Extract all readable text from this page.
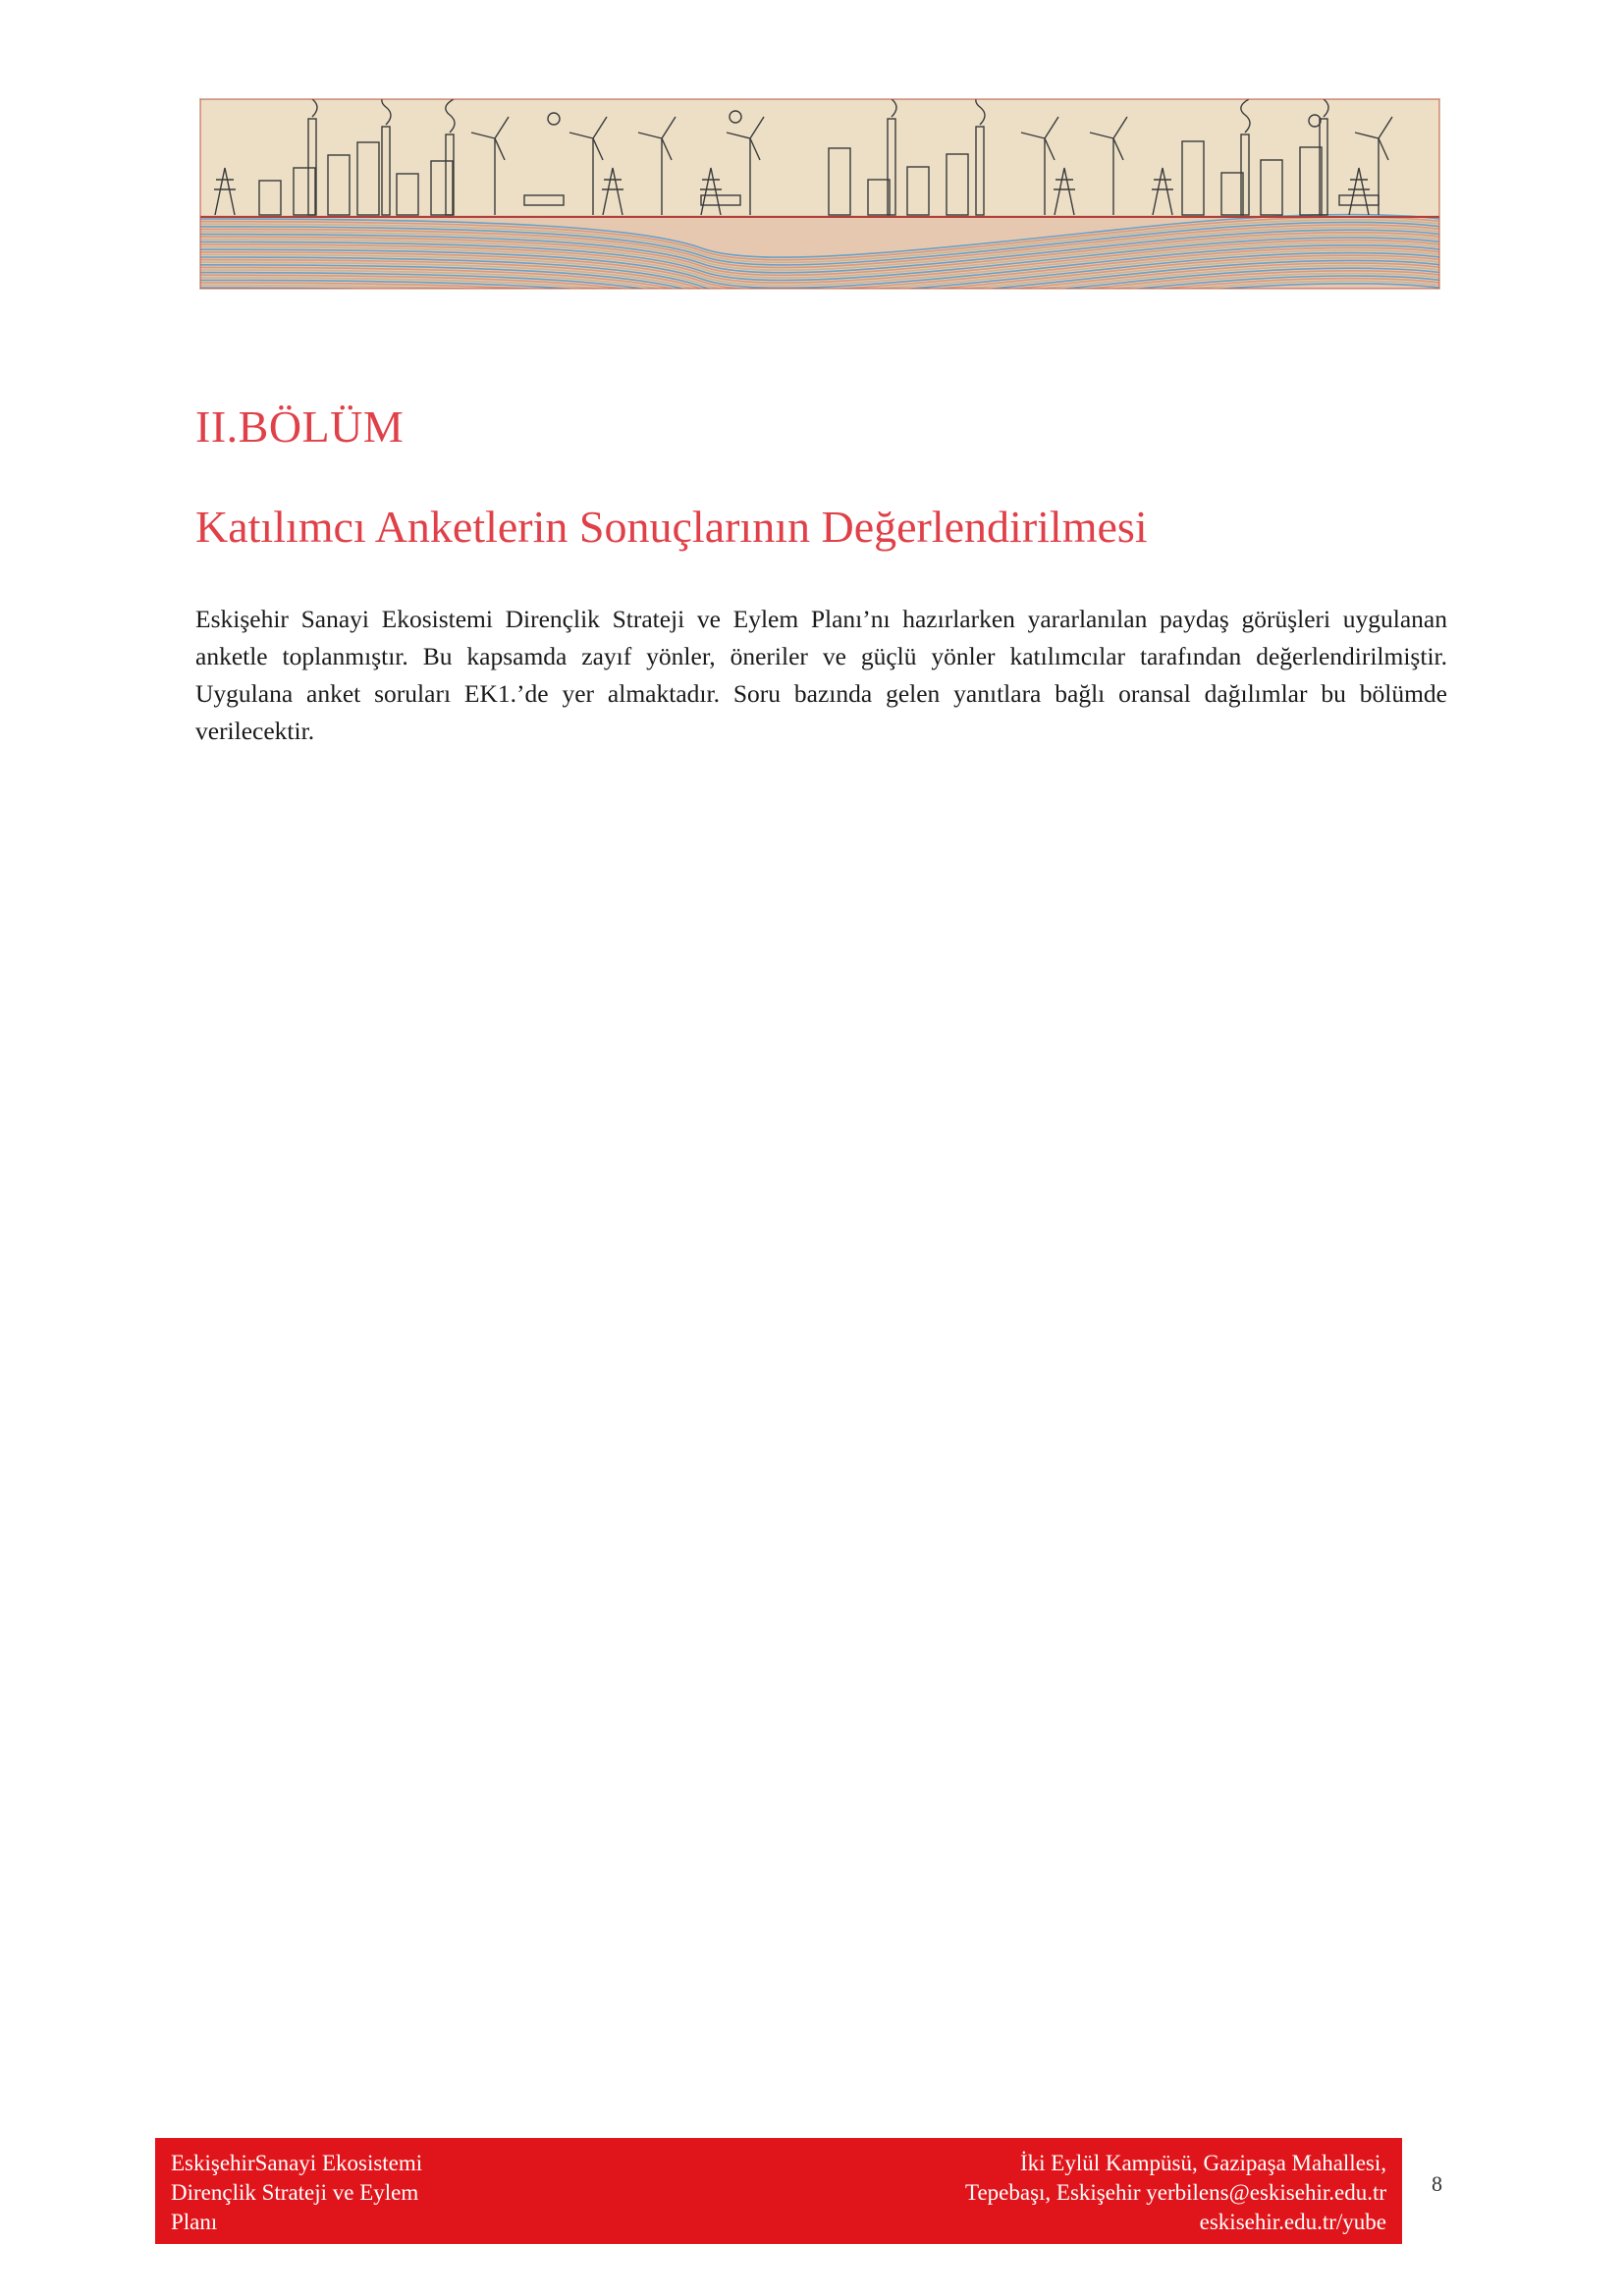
II.BÖLÜM
Katılımcı Anketlerin Sonuçlarının Değerlendirilmesi

Eskişehir Sanayi Ekosistemi Dirençlik Strateji ve Eylem Planı’nı hazırlarken yararlanılan paydaş görüşleri uygulanan anketle toplanmıştır. Bu kapsamda zayıf yönler, öneriler ve güçlü yönler katılımcılar tarafından değerlendirilmiştir. Uygulana anket soruları EK1.’de yer almaktadır. Soru bazında gelen yanıtlara bağlı oransal dağılımlar bu bölümde verilecektir.

EskişehirSanayi Ekosistemi
Dirençlik Strateji ve Eylem
Planı
İki Eylül Kampüsü, Gazipaşa Mahallesi,
Tepebaşı, Eskişehir yerbilens@eskisehir.edu.tr
eskisehir.edu.tr/yube
8
